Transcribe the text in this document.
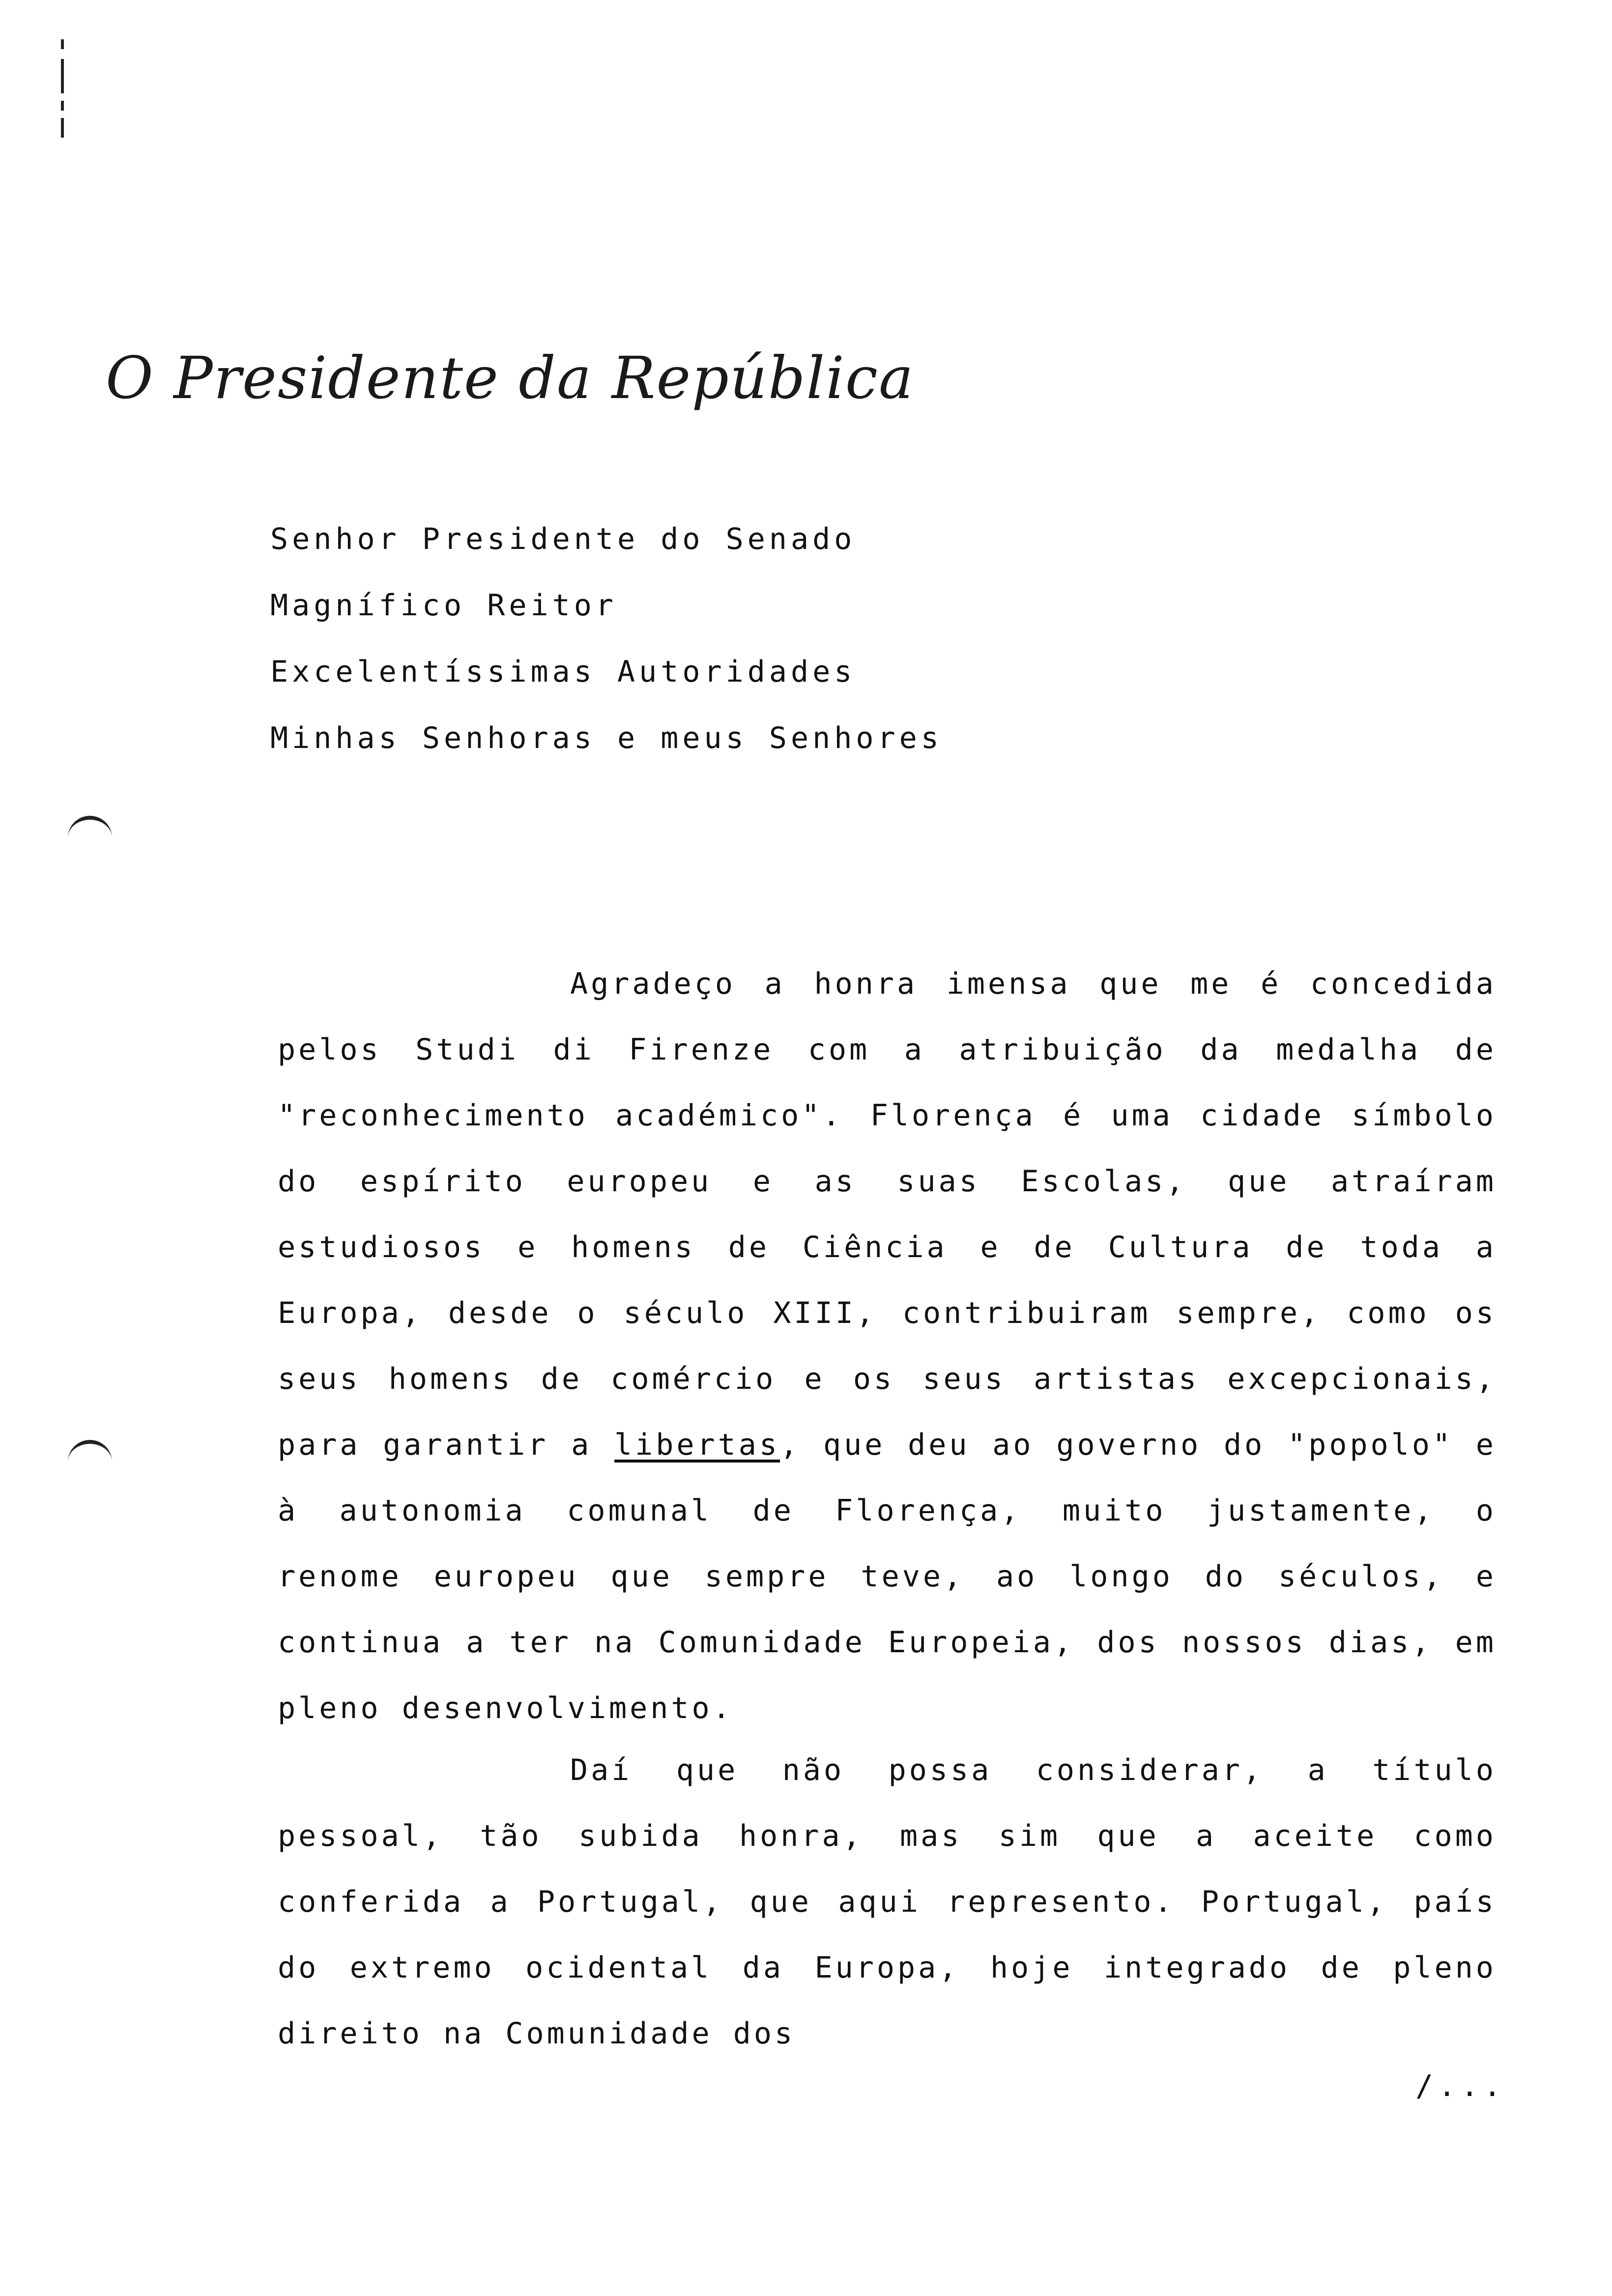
O Presidente da República
Senhor Presidente do Senado
Magnífico Reitor
Excelentíssimas Autoridades
Minhas Senhoras e meus Senhores

Agradeço a honra imensa que me é concedida pelos Studi di Firenze com a atribuição da medalha de "reconhecimento académico". Florença é uma cidade símbolo do espírito europeu e as suas Escolas, que atraíram estudiosos e homens de Ciência e de Cultura de toda a Europa, desde o século XIII, contribuiram sempre, como os seus homens de comércio e os seus artistas excepcionais, para garantir a libertas, que deu ao governo do "popolo" e à autonomia comunal de Florença, muito justamente, o renome europeu que sempre teve, ao longo do séculos, e continua a ter na Comunidade Europeia, dos nossos dias, em pleno desenvolvimento.

Daí que não possa considerar, a título pessoal, tão subida honra, mas sim que a aceite como conferida a Portugal, que aqui represento. Portugal, país do extremo ocidental da Europa, hoje integrado de pleno direito na Comunidade dos

/...
